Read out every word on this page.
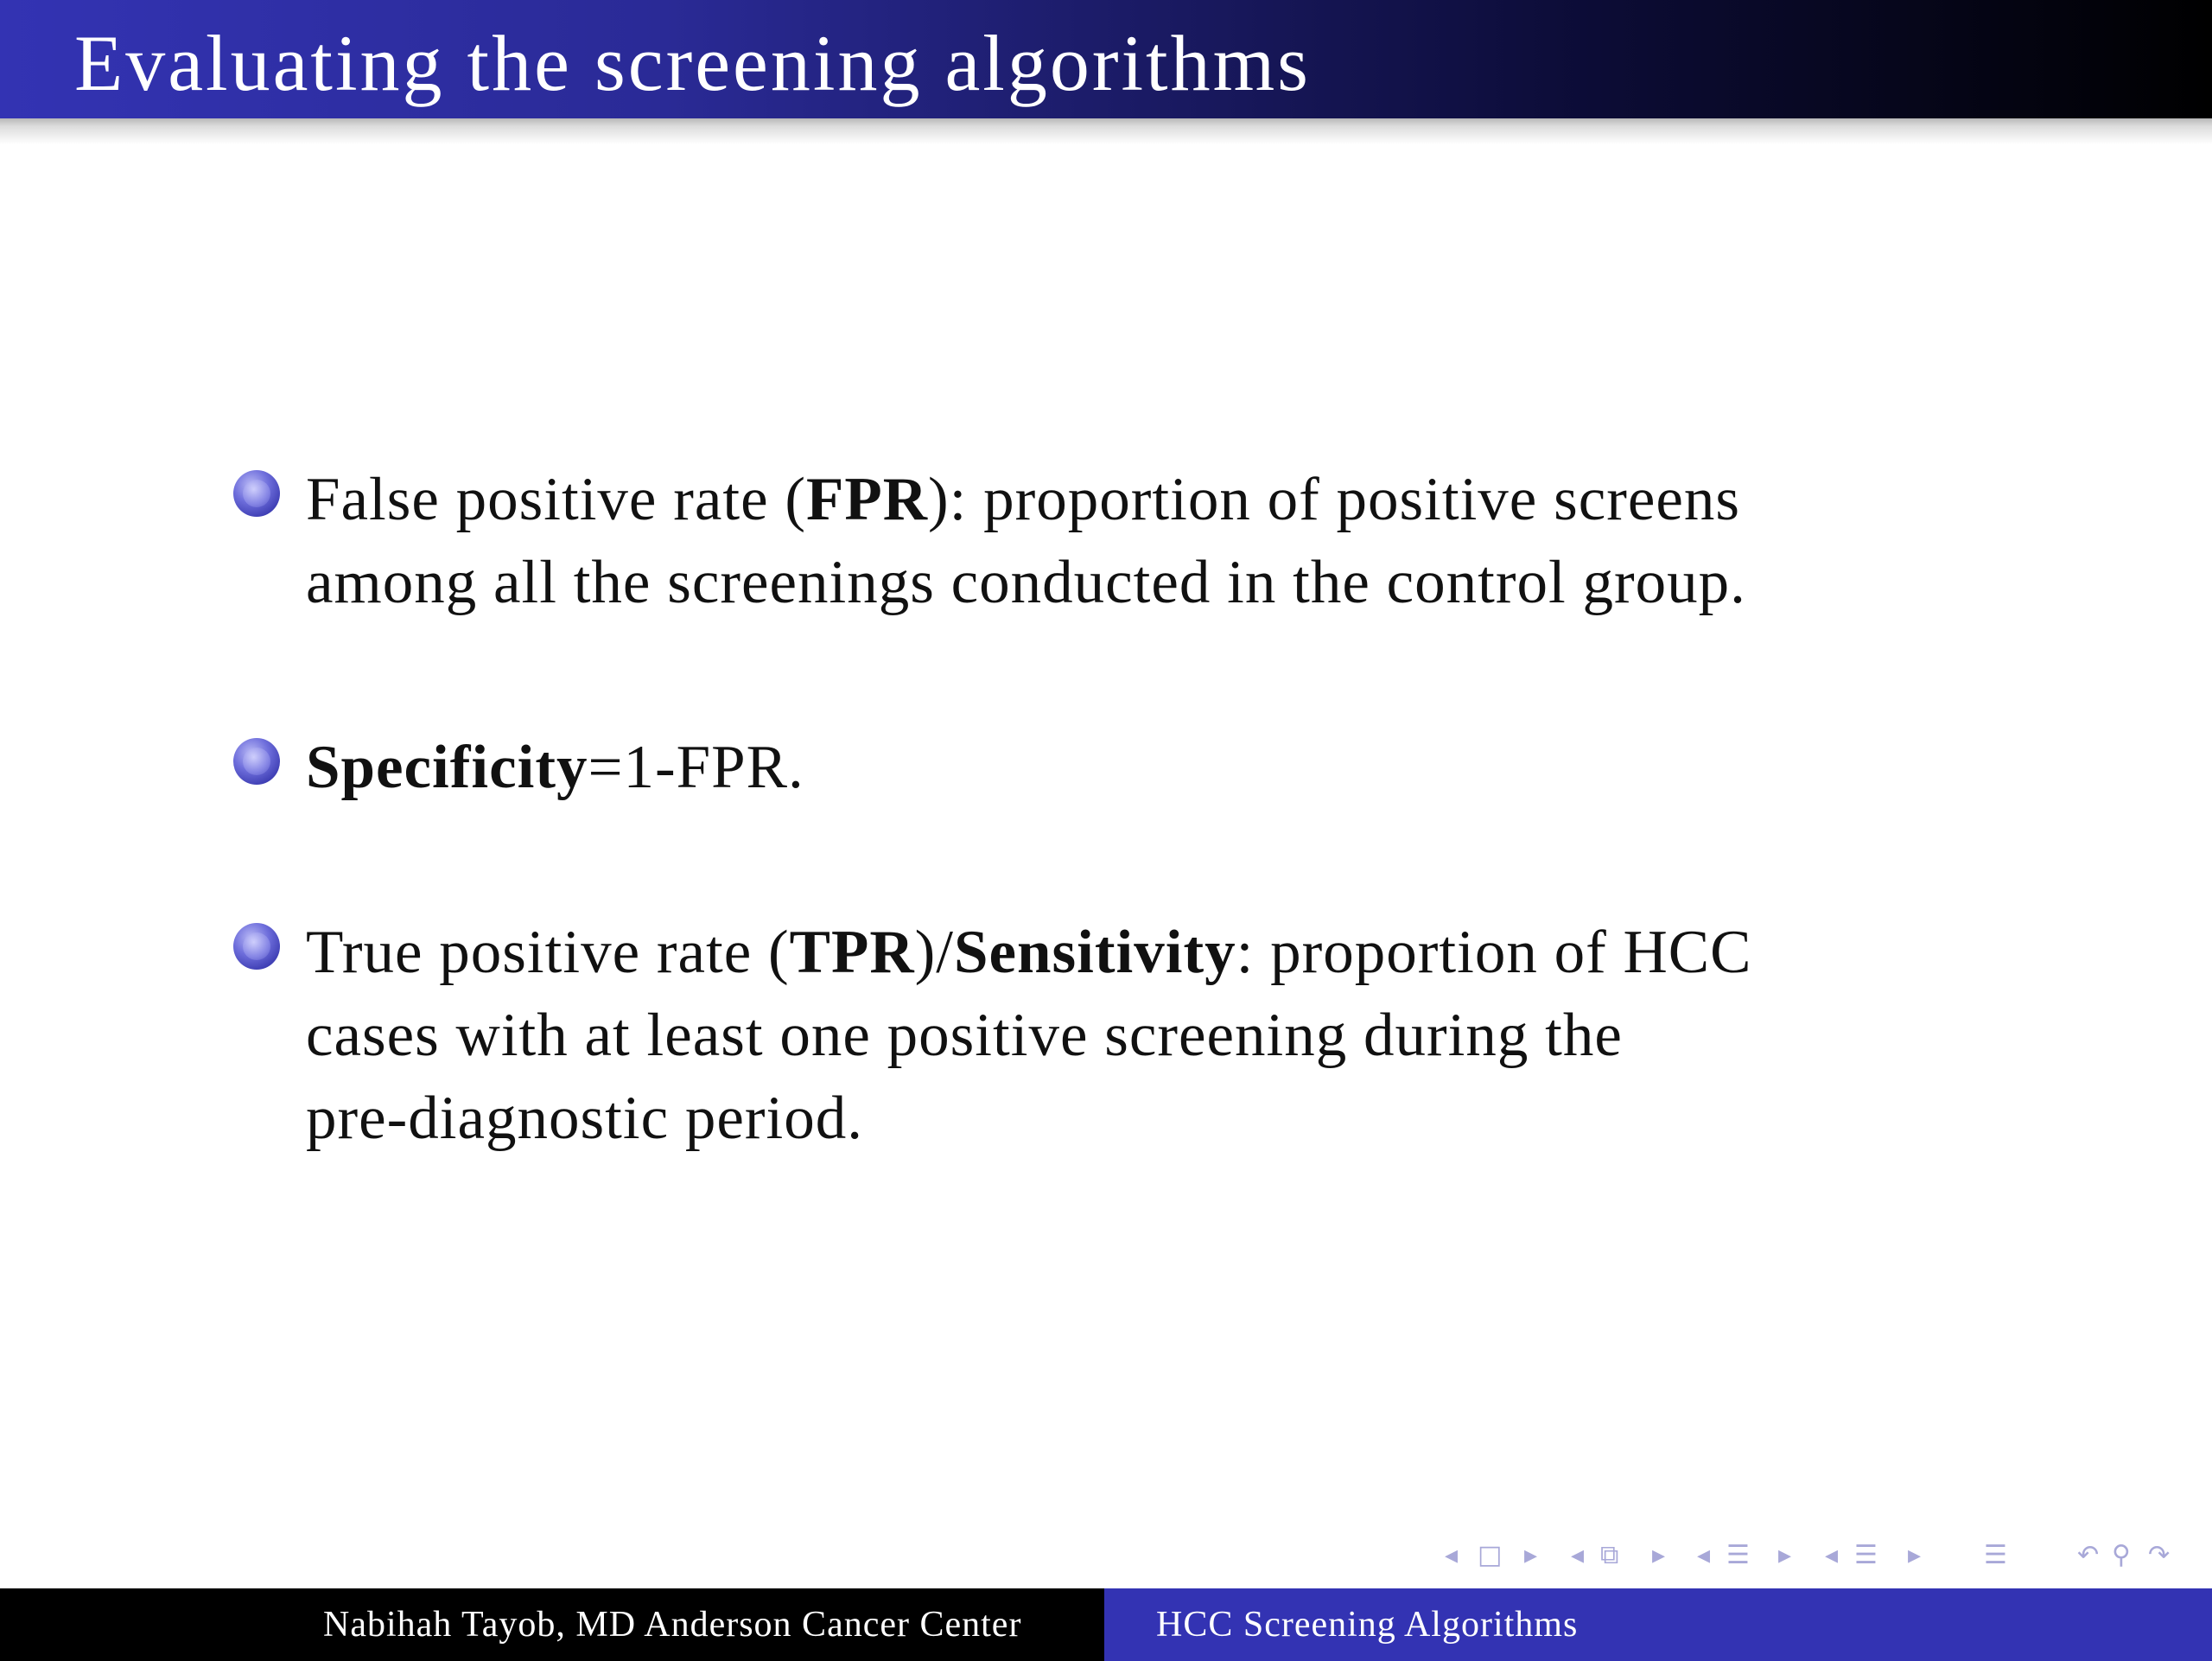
Evaluating the screening algorithms
False positive rate (FPR): proportion of positive screens
among all the screenings conducted in the control group.
Specificity=1-FPR.
True positive rate (TPR)/Sensitivity: proportion of HCC
cases with at least one positive screening during the
pre-diagnostic period.
◂ □ ▸ ◂ ⧉ ▸ ◂ ☰ ▸ ◂ ☰ ▸ ☰	↶ ⚲ ↷
Nabihah Tayob, MD Anderson Cancer Center	HCC Screening Algorithms
